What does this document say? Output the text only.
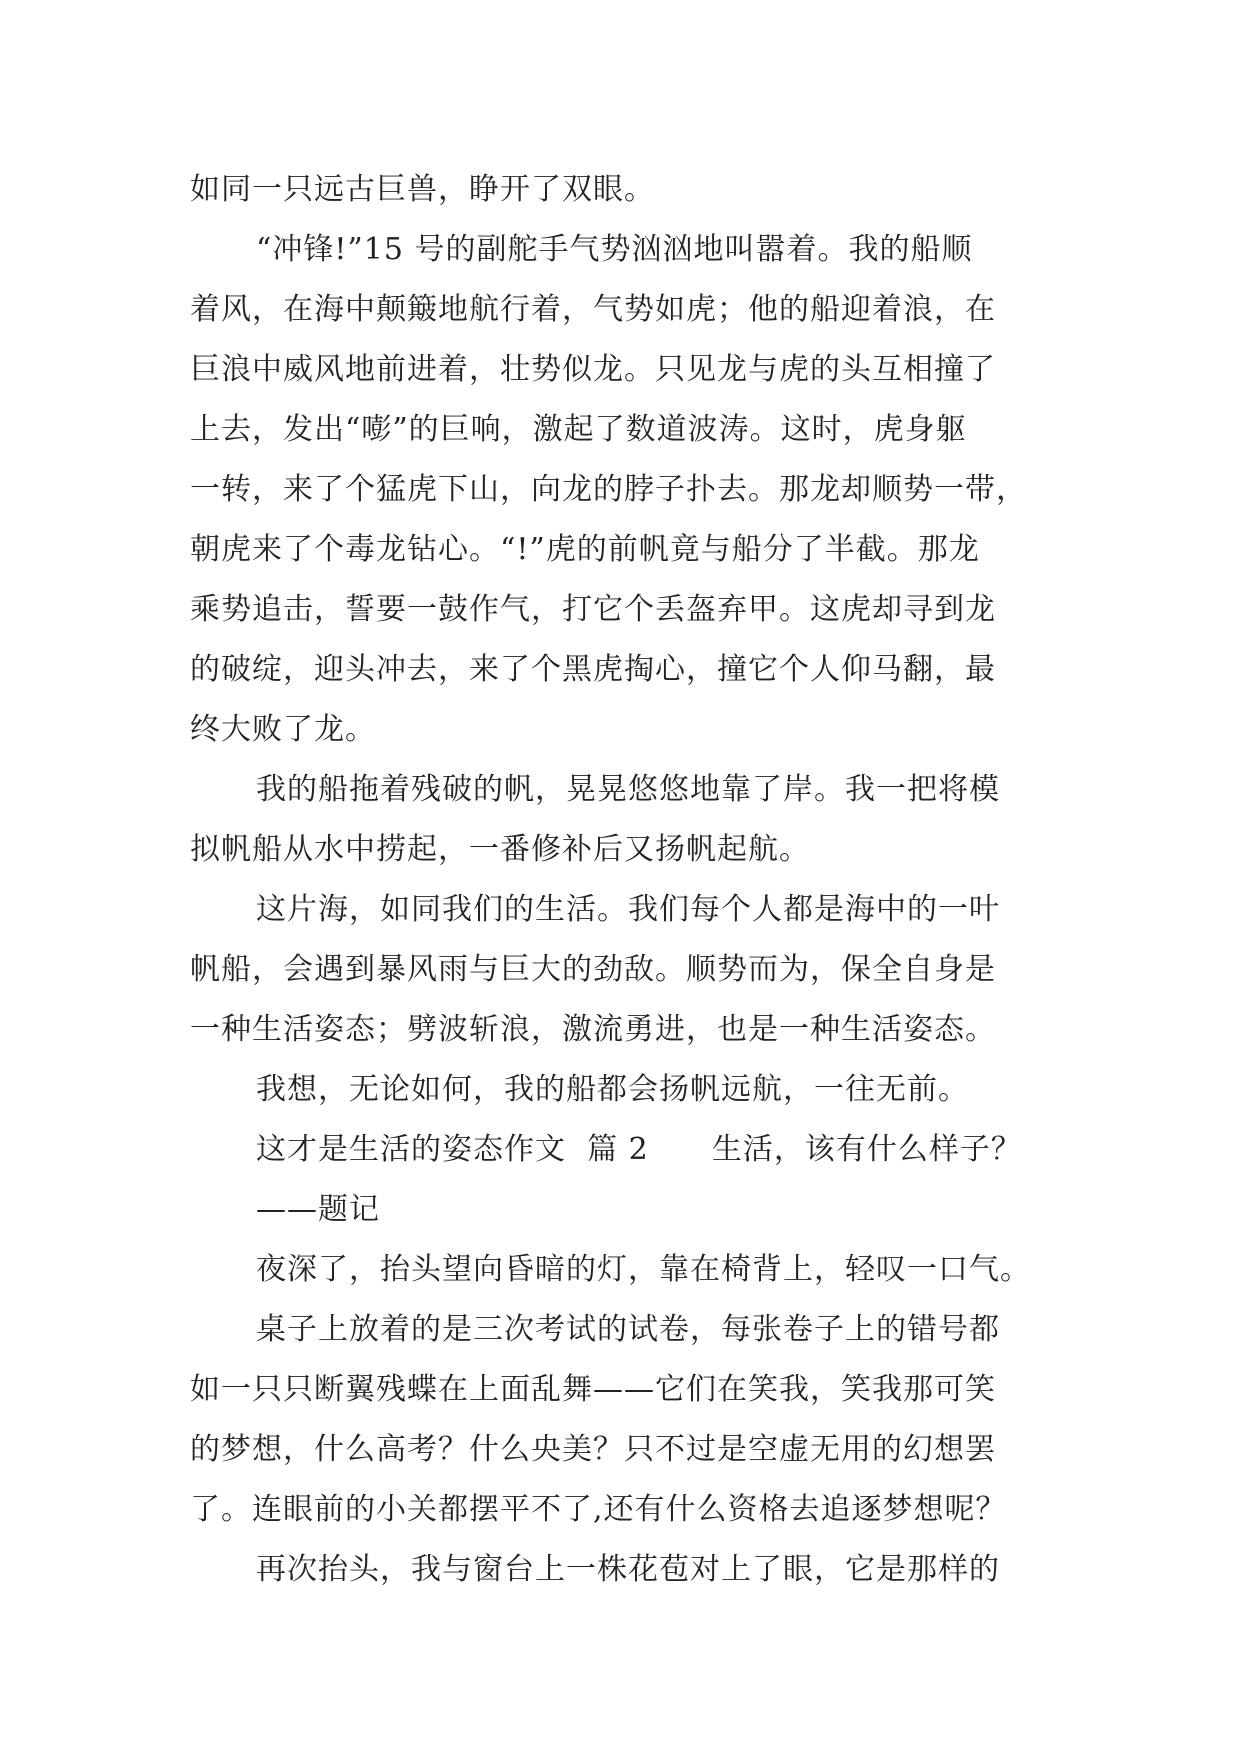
如同一只远古巨兽，睁开了双眼。
“冲锋!”15 号的副舵手气势汹汹地叫嚣着。我的船顺
着风，在海中颠簸地航行着，气势如虎；他的船迎着浪，在
巨浪中威风地前进着，壮势似龙。只见龙与虎的头互相撞了
上去，发出“嘭”的巨响，激起了数道波涛。这时，虎身躯
一转，来了个猛虎下山，向龙的脖子扑去。那龙却顺势一带，
朝虎来了个毒龙钻心。“!”虎的前帆竟与船分了半截。那龙
乘势追击，誓要一鼓作气，打它个丢盔弃甲。这虎却寻到龙
的破绽，迎头冲去，来了个黑虎掏心，撞它个人仰马翻，最
终大败了龙。
我的船拖着残破的帆，晃晃悠悠地靠了岸。我一把将模
拟帆船从水中捞起，一番修补后又扬帆起航。
这片海，如同我们的生活。我们每个人都是海中的一叶
帆船，会遇到暴风雨与巨大的劲敌。顺势而为，保全自身是
一种生活姿态；劈波斩浪，激流勇进，也是一种生活姿态。
我想，无论如何，我的船都会扬帆远航，一往无前。
这才是生活的姿态作文  篇 2      生活，该有什么样子？
——题记
夜深了，抬头望向昏暗的灯，靠在椅背上，轻叹一口气。
桌子上放着的是三次考试的试卷，每张卷子上的错号都
如一只只断翼残蝶在上面乱舞——它们在笑我，笑我那可笑
的梦想，什么高考？什么央美？只不过是空虚无用的幻想罢
了。连眼前的小关都摆平不了,还有什么资格去追逐梦想呢？
再次抬头，我与窗台上一株花苞对上了眼，它是那样的
